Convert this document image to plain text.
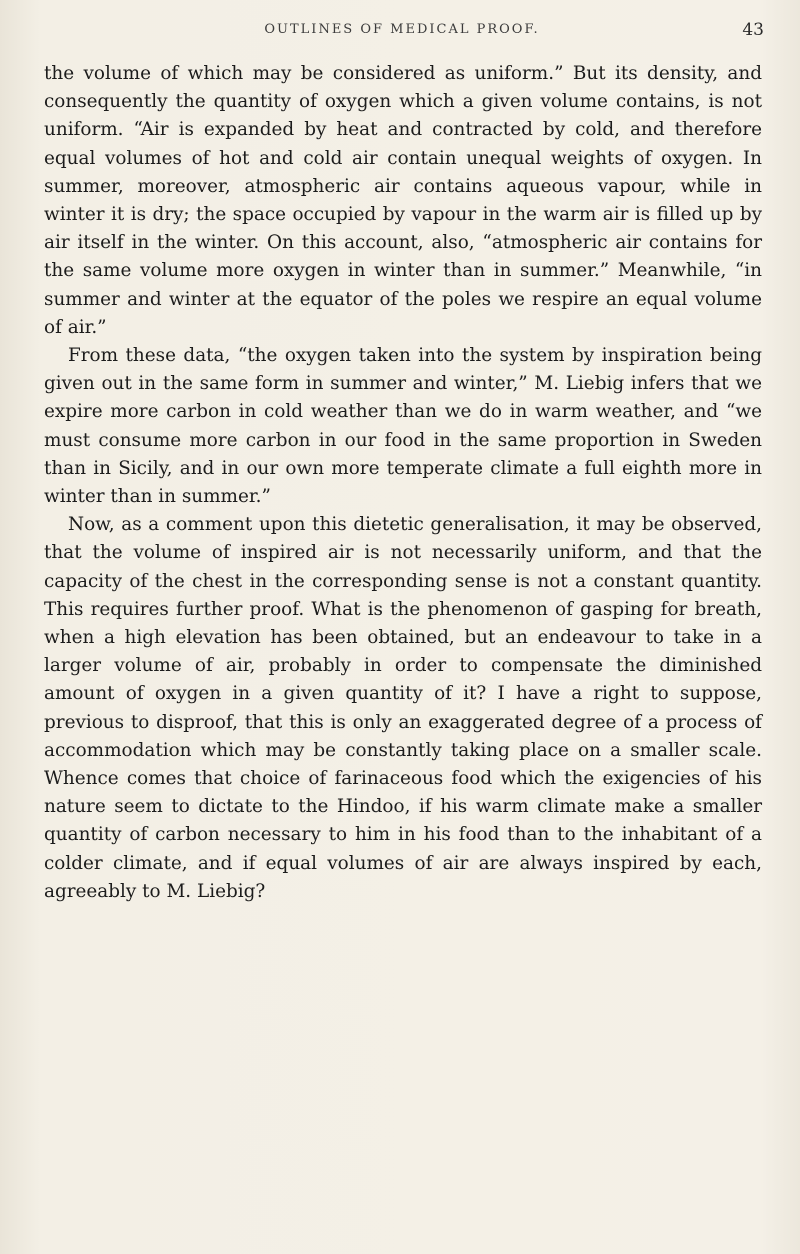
OUTLINES OF MEDICAL PROOF.	43

the volume of which may be considered as uniform.” But its density, and consequently the quantity of oxygen which a given volume contains, is not uniform. “Air is expanded by heat and contracted by cold, and therefore equal volumes of hot and cold air contain unequal weights of oxygen. In summer, moreover, atmospheric air contains aqueous vapour, while in winter it is dry; the space occupied by vapour in the warm air is filled up by air itself in the winter. On this account, also, “atmospheric air contains for the same volume more oxygen in winter than in summer.” Meanwhile, “in summer and winter at the equator of the poles we respire an equal volume of air.”

From these data, “the oxygen taken into the system by inspiration being given out in the same form in summer and winter,” M. Liebig infers that we expire more carbon in cold weather than we do in warm weather, and “we must consume more carbon in our food in the same proportion in Sweden than in Sicily, and in our own more temperate climate a full eighth more in winter than in summer.”

Now, as a comment upon this dietetic generalisation, it may be observed, that the volume of inspired air is not necessarily uniform, and that the capacity of the chest in the corresponding sense is not a constant quantity. This requires further proof. What is the phenomenon of gasping for breath, when a high elevation has been obtained, but an endeavour to take in a larger volume of air, probably in order to compensate the diminished amount of oxygen in a given quantity of it? I have a right to suppose, previous to disproof, that this is only an exaggerated degree of a process of accommodation which may be constantly taking place on a smaller scale. Whence comes that choice of farinaceous food which the exigencies of his nature seem to dictate to the Hindoo, if his warm climate make a smaller quantity of carbon necessary to him in his food than to the inhabitant of a colder climate, and if equal volumes of air are always inspired by each, agreeably to M. Liebig?
